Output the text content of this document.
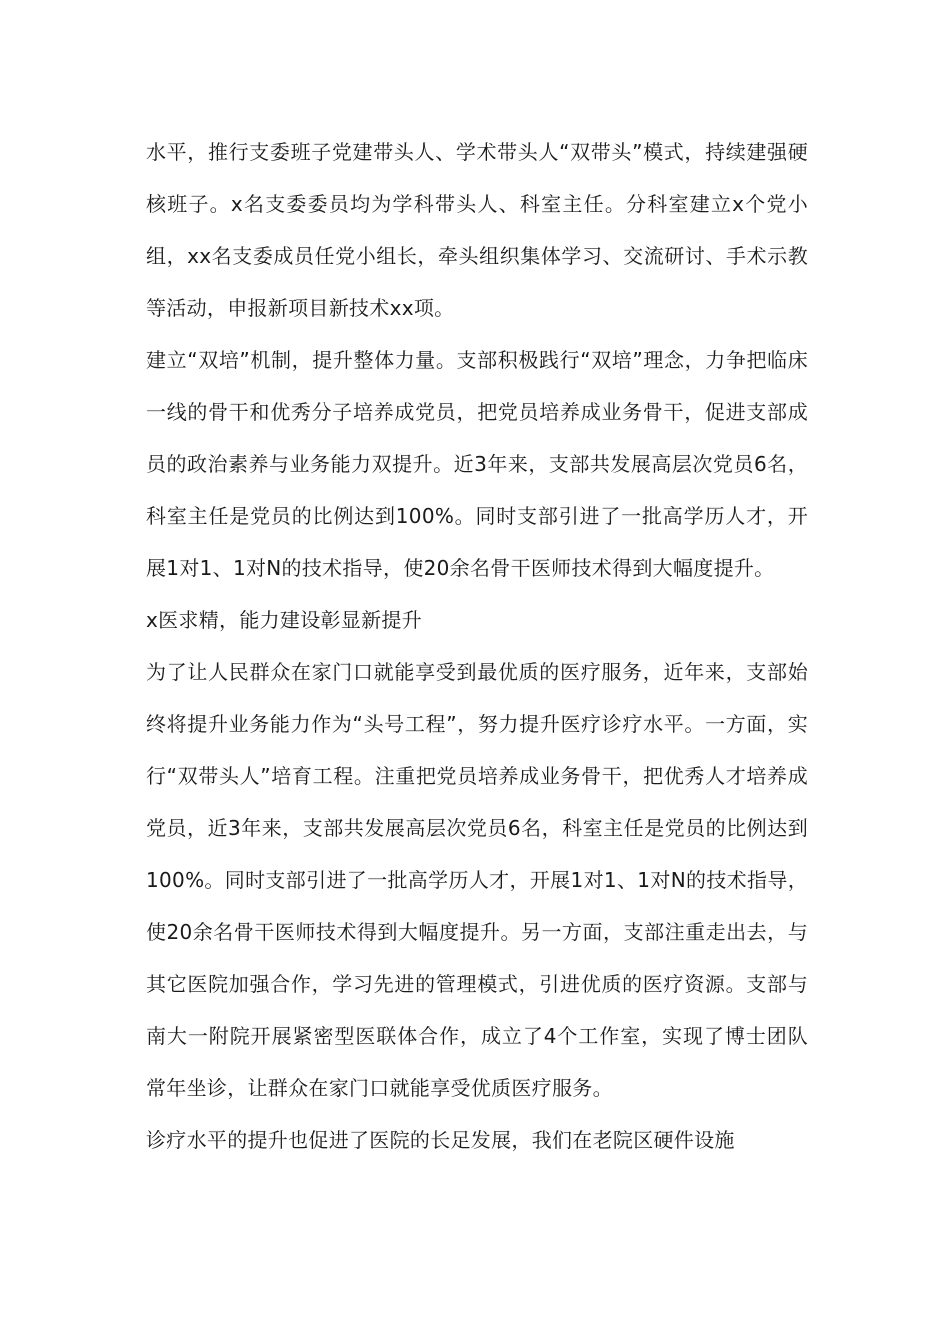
水平，推行支委班子党建带头人、学术带头人“双带头”模式，持续建强硬核班子。x名支委委员均为学科带头人、科室主任。分科室建立x个党小组，xx名支委成员任党小组长，牵头组织集体学习、交流研讨、手术示教等活动，申报新项目新技术xx项。

建立“双培”机制，提升整体力量。支部积极践行“双培”理念，力争把临床一线的骨干和优秀分子培养成党员，把党员培养成业务骨干，促进支部成员的政治素养与业务能力双提升。近3年来，支部共发展高层次党员6名，科室主任是党员的比例达到100%。同时支部引进了一批高学历人才，开展1对1、1对N的技术指导，使20余名骨干医师技术得到大幅度提升。

x医求精，能力建设彰显新提升

为了让人民群众在家门口就能享受到最优质的医疗服务，近年来，支部始终将提升业务能力作为“头号工程”，努力提升医疗诊疗水平。一方面，实行“双带头人”培育工程。注重把党员培养成业务骨干，把优秀人才培养成党员，近3年来，支部共发展高层次党员6名，科室主任是党员的比例达到100%。同时支部引进了一批高学历人才，开展1对1、1对N的技术指导，使20余名骨干医师技术得到大幅度提升。另一方面，支部注重走出去，与其它医院加强合作，学习先进的管理模式，引进优质的医疗资源。支部与南大一附院开展紧密型医联体合作，成立了4个工作室，实现了博士团队常年坐诊，让群众在家门口就能享受优质医疗服务。

诊疗水平的提升也促进了医院的长足发展，我们在老院区硬件设施
